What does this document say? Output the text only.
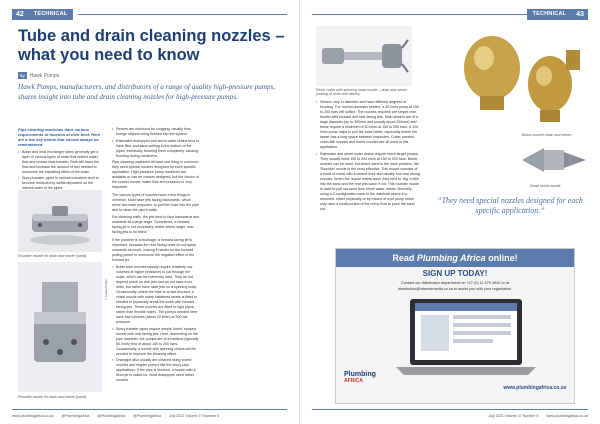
42	TECHNICAL
Tube and drain cleaning nozzles – what you need to know
By	Hawk Pumps
Hawk Pumps, manufacturers, and distributors of a range of quality high-pressure pumps, shares insight into tube and drain cleaning nozzles for high-pressure pumps.

Pipe cleaning machines have various requirements to function at their best. Here are a few key points that should always be remembered:

• Boiler and heat exchanger tubes generally get a layer of various types of scale that restrict water flow and reduce heat transfer. Both will lower the flow and increase the amount of fuel needed to overcome the insulating effect of the scale.
• Slurry transfer pipes in various industries tend to become restricted by solids deposited on the internal walls of the pipes.
•
Rounder nozzle for drain and sewer (sand).
Rounder nozzle for drain and sewer (sand).
© Hawk Pumps
• Sewers are notorious for clogging, usually from foreign objects being flushed into the system.
• Rainwater drainpipes and storm water drains tend to have litter and sand settling in the bottom of the pipes, eventually blocking them completely, causing flooding during rainstorms.

Pipe cleaning machines all have one thing in common: they need special nozzles designed for each specific application. High-pressure pump machines are available or can be custom designed, but the choice of the correct nozzle, water flow and pressure is very important.

The various types of nozzles have a few things in common. Most have jets facing backwards, which serve two main purposes: to pull the hose into the pipe and to clean the pipe's walls.

For cleaning walls, the jets tend to face backwards and outwards at a large angle. Sometimes, a forward-facing jet is not necessary, whilst others larger, rear-facing jets to be fitted.

If the problem is a blockage, a forward-facing jet is important, because the rear facing ones do not spray outwards as much, making it harder for the forward pulling power to overcome the negative effect of the forward jet.

• Boiler tube nozzles usually require relatively low volumes at higher pressures to cut through the scale, which can be extremely hard. They do not depend much on rear jets and do not have front ones, but rather have slide jets on a spinning body. Occasionally, where the tube is at fact blocked, a chisel nozzle with sharp hardened facets is fitted to needed to physically break the scale with forward facing jets. These nozzles are fitted to rigid pipes, rather than flexible hoses. The pumps needed here have low volumes (about 20 l/min) at 500 bar pressure.
• Slurry transfer pipes require simple 'bomb' shaped nozzle with rear facing jets. Here, depending on the pipe diameter, the pumps are of a medium (typically 60 l/min) flow of about 150 to 200 bars. Occasionally, a nozzle with spinning chains will be needed to improve the cleaning effect.
• Drainpipe also usually are cleaned using 'bomb' nozzles and require pumps like the slurry pipe applications. If the pipe is blocked, a nozzle with a fixed jet is called for. Most drainpipes need rather nozzles.
www.plumbingafrica.co.za @PlumbingAfrica @PlumbingAfrica @PlumbingAfrica July 2021 Volume 27 Number 5
TECHNICAL	43
Resin cutter with spinning head nozzle – drain and sewer (cutting of roots and debris).
• Sewers vary in diameter and have different degrees of blocking. For normal domestic sewers, a 30 l/min pump at 150 to 200 bars will suffice. The nozzles required are simple mini bombs with forward and rear facing jets. Main sewers are of a large diameter (up to 300mm and usually about 200mm) and these require a minimum of 40 l/min at 150 to 200 bars. A 120 l/min pump helps to pull the hose better, especially where the sewer has a long space between manholes. Cutter nozzles, chain flail nozzles and bomb nozzles are all used in this application.
• Rainwater and storm water drains require much larger pumps. They usually need 150 to 200 l/min at 150 to 200 bars. Bomb nozzles can be used, but where sand is the main problem, the 'Rounder' nozzle is the most effective. This nozzle consists of a block of metal with a central front and usually four rear facing nozzles. When the nozzle meets sand, they tend to 'dig' a little into the sand and the rear jets wash it out. This rounder nozzle is used to pull out sand from storm water drains. Normally using a Z-configuration back to the manhole where it is removed, either physically or by means of a jet pump which only uses a small portion of the pump flow to push the sand out.
Bomb nozzles drain and sewer.
Small bomb nozzle.
“They need special nozzles designed for each specific application.”
Read Plumbing Africa online!
SIGN UP TODAY!
Contact our distribution department on +27 (0) 11 579 4940 or at
distribution@interactmedia.co.za to assist you with your registration.
Plumbing
AFRICA
www.plumbingafrica.co.za
July 2021 Volume 27 Number 5 www.plumbingafrica.co.za
